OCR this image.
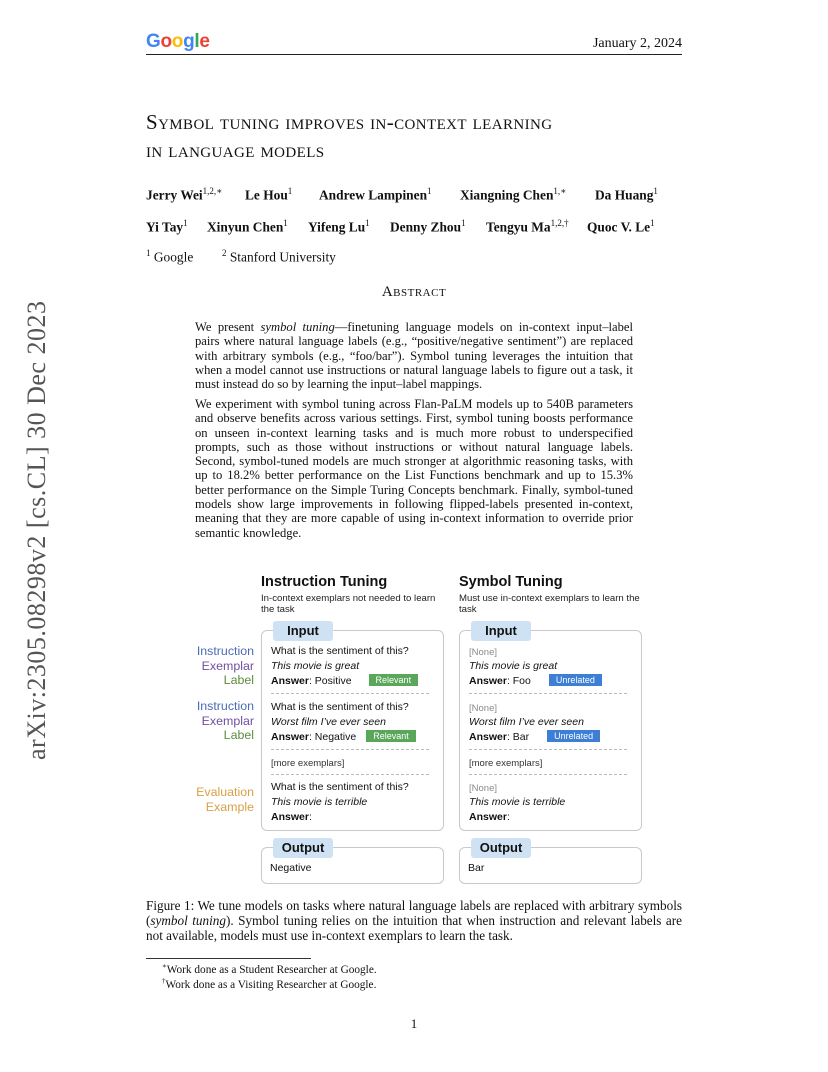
Google	January 2, 2024
arXiv:2305.08298v2 [cs.CL] 30 Dec 2023
Symbol tuning improves in-context learning
in language models
Jerry Wei$^{1,2,∗}$ Le Hou$^1$ Andrew Lampinen$^1$ Xiangning Chen$^{1,∗}$ Da Huang$^1$
Yi Tay$^1$ Xinyun Chen$^1$ Yifeng Lu$^1$ Denny Zhou$^1$ Tengyu $Ma^{1,2,\dagger}$ Quoc V. Le$^1$
$^1$ Google	$^2$ Stanford University
Abstract
We present symbol tuning—finetuning language models on in-context input–label pairs where natural language labels (e.g., “positive/negative sentiment”) are replaced with arbitrary symbols (e.g., “foo/bar”). Symbol tuning leverages the intuition that when a model cannot use instructions or natural language labels to figure out a task, it must instead do so by learning the input–label mappings.
We experiment with symbol tuning across Flan-PaLM models up to 540B parameters and observe benefits across various settings. First, symbol tuning boosts performance on unseen in-context learning tasks and is much more robust to underspecified prompts, such as those without instructions or without natural language labels. Second, symbol-tuned models are much stronger at algorithmic reasoning tasks, with up to 18.2% better performance on the List Functions benchmark and up to 15.3% better performance on the Simple Turing Concepts benchmark. Finally, symbol-tuned models show large improvements in following flipped-labels presented in-context, meaning that they are more capable of using in-context information to override prior semantic knowledge.
Instruction Tuning
In-context exemplars not needed to learn the task
Input
What is the sentiment of this?
This movie is great
Answer: Positive	Relevant
What is the sentiment of this?
Worst film I’ve ever seen
Answer: Negative Relevant
[more exemplars]
What is the sentiment of this?
This movie is terrible
Answer:
Output
Negative
Symbol Tuning
Must use in-context exemplars to learn the task
Input
[None]
This movie is great
Answer: Foo	Unrelated
[None]
Worst film I’ve ever seen
Answer: Bar	Unrelated
[more exemplars]
[None]
This movie is terrible
Answer:
Output
Bar
Instruction
Exemplar
Label
Instruction
Exemplar
Label
Evaluation
Example
Figure 1: We tune models on tasks where natural language labels are replaced with arbitrary symbols (symbol tuning). Symbol tuning relies on the intuition that when instruction and relevant labels are not available, models must use in-context exemplars to learn the task.
∗Work done as a Student Researcher at Google.
†Work done as a Visiting Researcher at Google.
1
